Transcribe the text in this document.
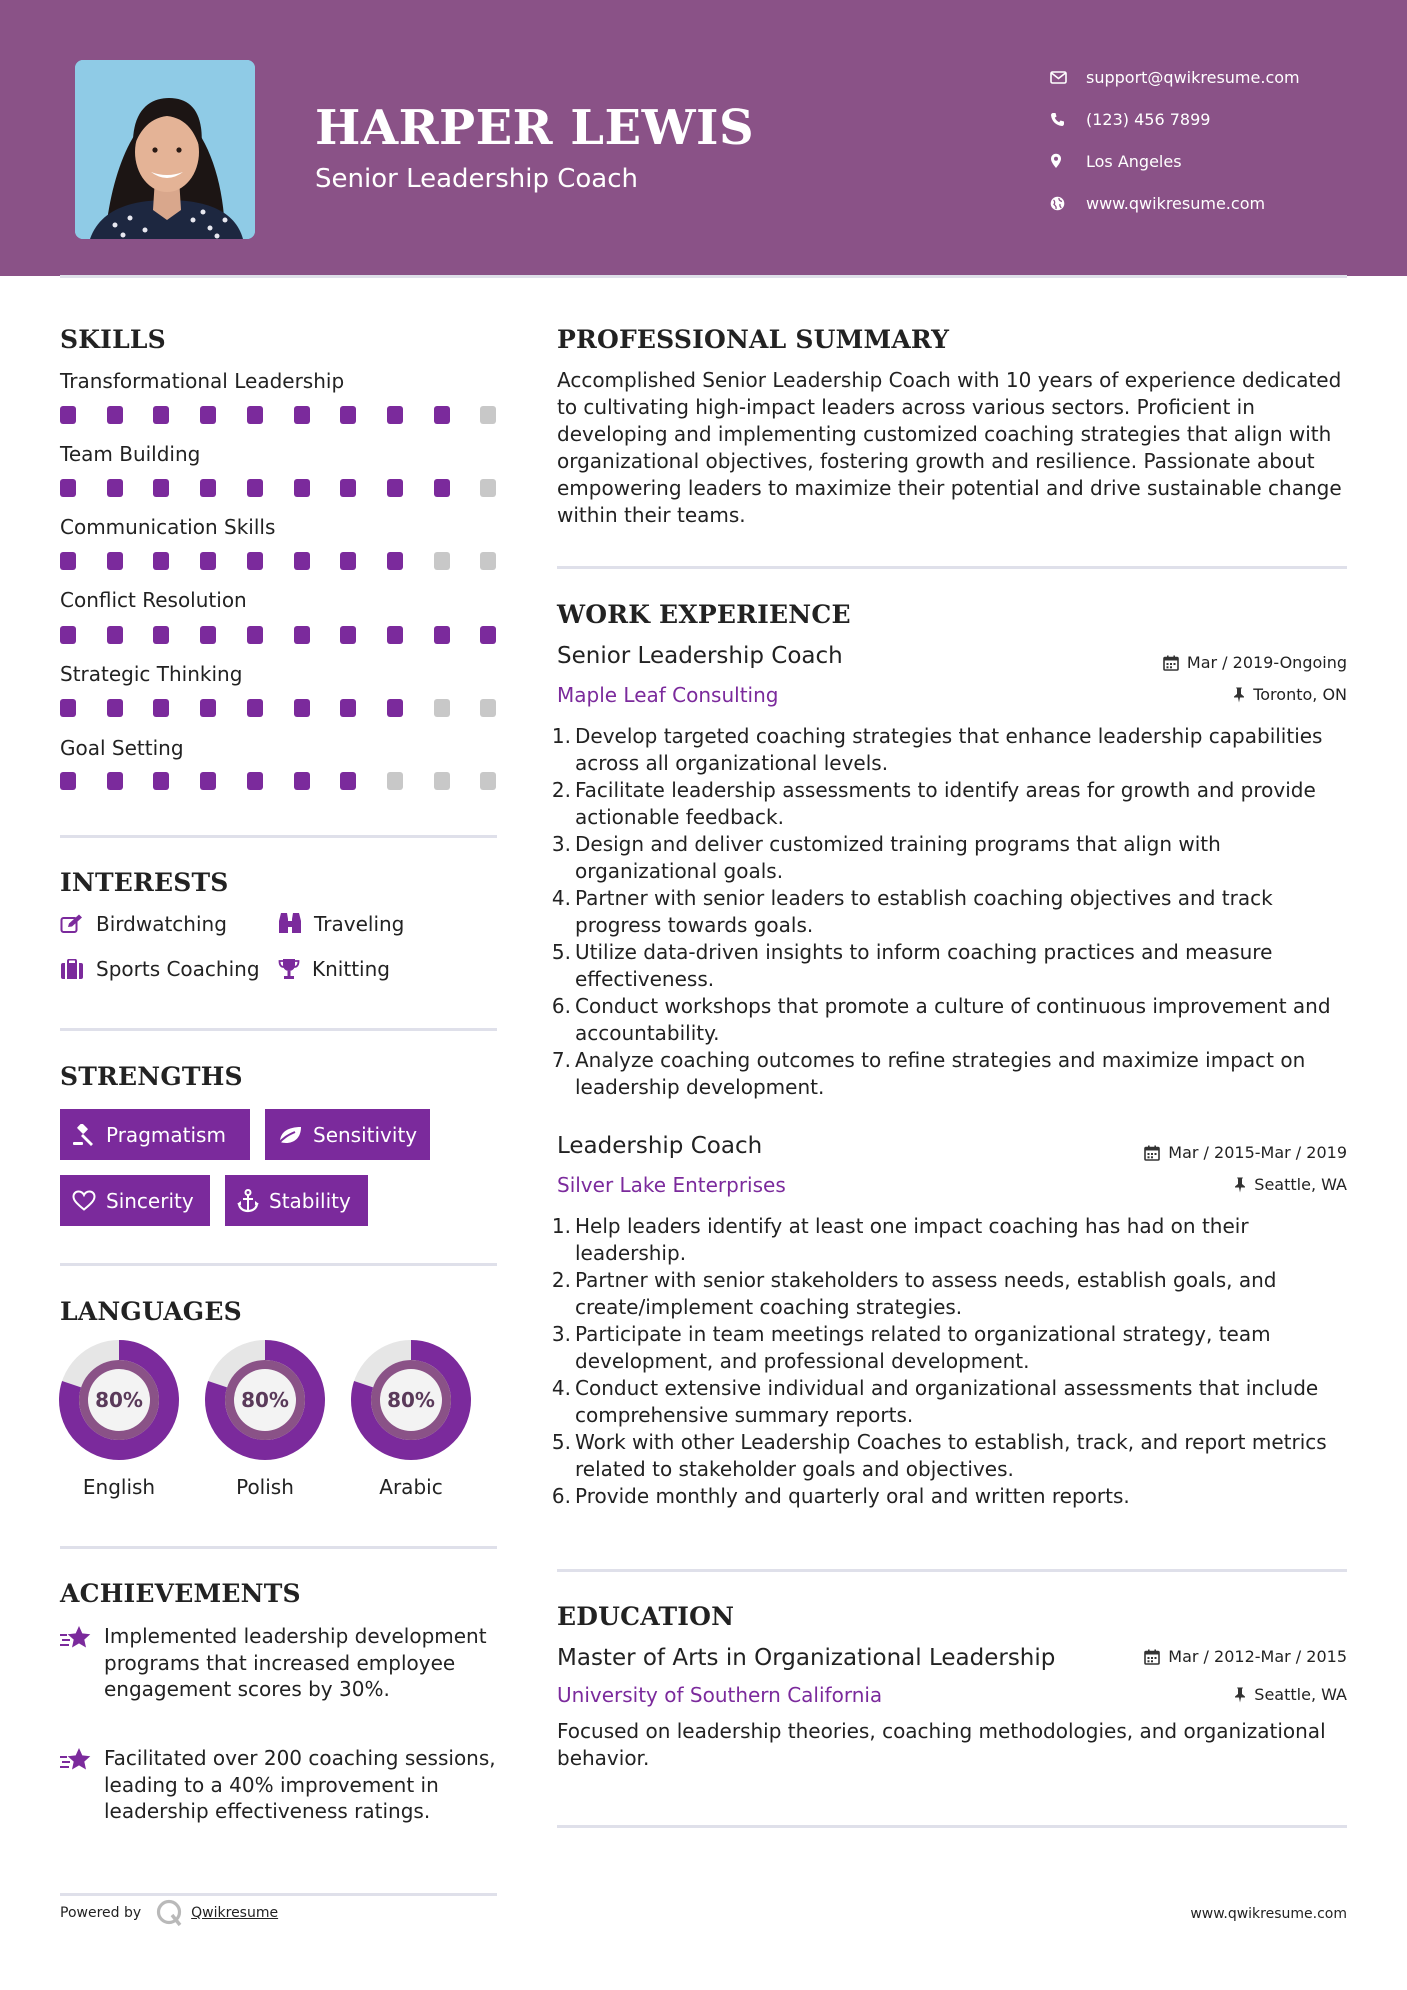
HARPER LEWIS
Senior Leadership Coach
support@qwikresume.com
(123) 456 7899
Los Angeles
www.qwikresume.com
SKILLS
Transformational Leadership
Team Building
Communication Skills
Conflict Resolution
Strategic Thinking
Goal Setting
INTERESTS
Birdwatching	Traveling
Sports Coaching	Knitting
STRENGTHS
Pragmatism	Sensitivity
Sincerity	Stability
LANGUAGES
80%
English
80%
Polish
80%
Arabic
ACHIEVEMENTS
Implemented leadership development programs that increased employee engagement scores by 30%.
Facilitated over 200 coaching sessions, leading to a 40% improvement in leadership effectiveness ratings.
PROFESSIONAL SUMMARY
Accomplished Senior Leadership Coach with 10 years of experience dedicated to cultivating high-impact leaders across various sectors. Proficient in developing and implementing customized coaching strategies that align with organizational objectives, fostering growth and resilience. Passionate about empowering leaders to maximize their potential and drive sustainable change within their teams.
WORK EXPERIENCE
Senior Leadership Coach	Mar / 2019-Ongoing
Maple Leaf Consulting	Toronto, ON
1. Develop targeted coaching strategies that enhance leadership capabilities across all organizational levels.
2. Facilitate leadership assessments to identify areas for growth and provide actionable feedback.
3. Design and deliver customized training programs that align with organizational goals.
4. Partner with senior leaders to establish coaching objectives and track progress towards goals.
5. Utilize data-driven insights to inform coaching practices and measure effectiveness.
6. Conduct workshops that promote a culture of continuous improvement and accountability.
7. Analyze coaching outcomes to refine strategies and maximize impact on leadership development.
Leadership Coach	Mar / 2015-Mar / 2019
Silver Lake Enterprises	Seattle, WA
1. Help leaders identify at least one impact coaching has had on their leadership.
2. Partner with senior stakeholders to assess needs, establish goals, and create/implement coaching strategies.
3. Participate in team meetings related to organizational strategy, team development, and professional development.
4. Conduct extensive individual and organizational assessments that include comprehensive summary reports.
5. Work with other Leadership Coaches to establish, track, and report metrics related to stakeholder goals and objectives.
6. Provide monthly and quarterly oral and written reports.
EDUCATION
Master of Arts in Organizational Leadership	Mar / 2012-Mar / 2015
University of Southern California	Seattle, WA
Focused on leadership theories, coaching methodologies, and organizational behavior.
Powered by	Qwikresume	www.qwikresume.com
